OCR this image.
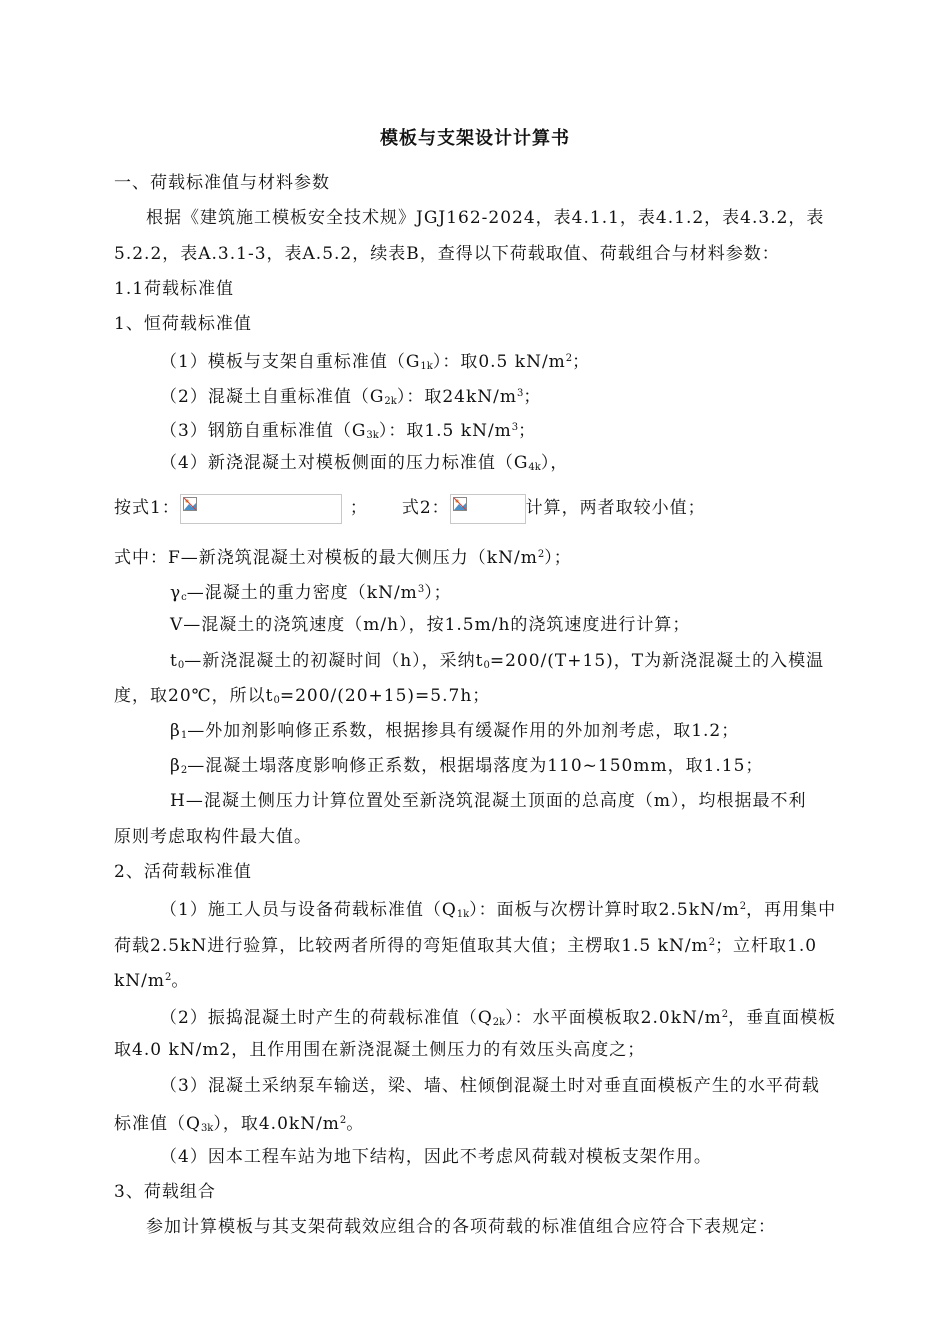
模板与支架设计计算书
一、荷载标准值与材料参数
根据《建筑施工模板安全技术规》JGJ162-2024，表4.1.1，表4.1.2，表4.3.2，表
5.2.2，表A.3.1-3，表A.5.2，续表B，查得以下荷载取值、荷载组合与材料参数：
1.1荷载标准值
1、恒荷载标准值
（1）模板与支架自重标准值$(G_{1k})$：取0.5 $kN/m^2$；
（2）混凝土自重标准值$(G_{2k})$：取$24kN/m^3$；
（3）钢筋自重标准值$(G_{3k})$：取1.5 $kN/m^3$；
（4）新浇混凝土对模板侧面的压力标准值$(G_{4k})$，
按式1：	； 式2：	计算，两者取较小值；
式中：F—新浇筑混凝土对模板的最大侧压力$(kN/m^2)$；
$\gamma_c—$混凝土的重力密度$(kN/m^3)$；
V—混凝土的浇筑速度（m/h），按1.5m/h的浇筑速度进行计算；
$t_0—$新浇混凝土的初凝时间（h），采纳$t_0=200/(T+15)$，T为新浇混凝土的入模温
度，取20℃，所以$t_0=200/(20+15)=5.7h$；
$\beta_1—$外加剂影响修正系数，根据掺具有缓凝作用的外加剂考虑，取1.2；
$\beta_2—$混凝土塌落度影响修正系数，根据塌落度为110~150mm，取1.15；
H—混凝土侧压力计算位置处至新浇筑混凝土顶面的总高度（m），均根据最不利
原则考虑取构件最大值。
2、活荷载标准值
（1）施工人员与设备荷载标准值$(Q_{1k})$：面板与次楞计算时取$2.5kN/m^2$，再用集中
荷载2.5kN进行验算，比较两者所得的弯矩值取其大值；主楞取1.5 $kN/m^2$；立杆取1.0
$kN/m^2$。
（2）振捣混凝土时产生的荷载标准值$(Q_{2k})$：水平面模板取$2.0kN/m^2$，垂直面模板
取4.0 kN/m2，且作用围在新浇混凝土侧压力的有效压头高度之；
（3）混凝土采纳泵车输送，梁、墙、柱倾倒混凝土时对垂直面模板产生的水平荷载
标准值$(Q_{3k})$，取$4.0kN/m^2$。
（4）因本工程车站为地下结构，因此不考虑风荷载对模板支架作用。
3、荷载组合
参加计算模板与其支架荷载效应组合的各项荷载的标准值组合应符合下表规定：
